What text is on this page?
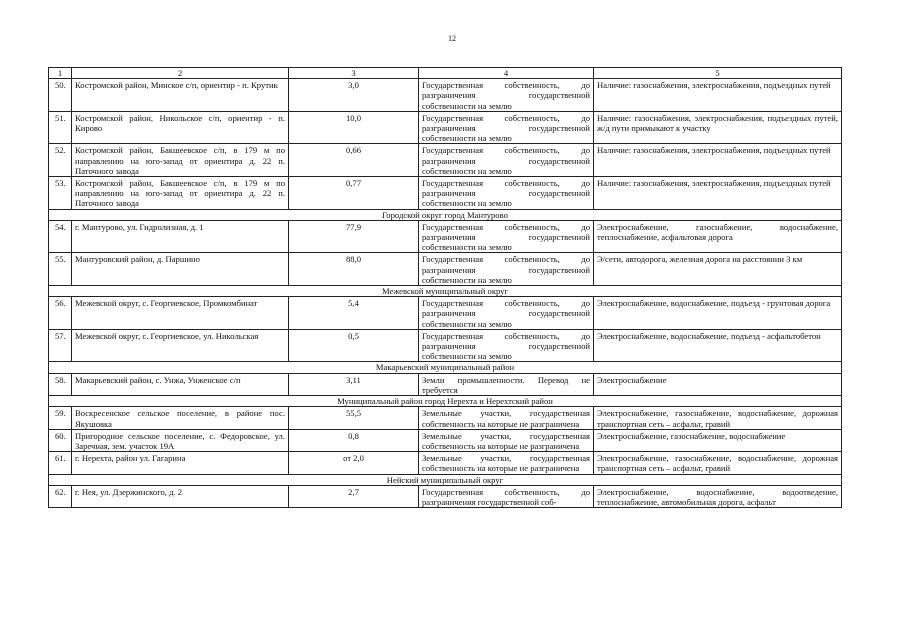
12
1	2	3	4	5
50.	Костромской район, Минское с/п, ориентир - п. Крутик	3,0	Государственная собственность, до разграничения государственной собственности на землю	Наличие: газоснабжения, электроснабжения, подъездных путей
51.	Костромской район, Никольское с/п, ориентир - п. Кирово	10,0	Государственная собственность, до разграничения государственной собственности на землю	Наличие: газоснабжения, электроснабжения, подъездных путей, ж/д пути примыкают к участку
52.	Костромской район, Бакшеевское с/п, в 179 м по направлению на юго-запад от ориентира д. 22 п. Паточного завода	0,66	Государственная собственность, до разграничения государственной собственности на землю	Наличие: газоснабжения, электроснабжения, подъездных путей
53.	Костромской район, Бакшеевское с/п, в 179 м по направлению на юго-запад от ориентира д. 22 п. Паточного завода	0,77	Государственная собственность, до разграничения государственной собственности на землю	Наличие: газоснабжения, электроснабжения, подъездных путей
Городской округ город Мантурово				
54.	г. Мантурово, ул. Гидролизная, д. 1	77,9	Государственная собственность, до разграничения государственной собственности на землю	Электроснабжение, газоснабжение, водоснабжение, теплоснабжение, асфальтовая дорога
55.	Мантуровский район, д. Паршино	88,0	Государственная собственность, до разграничения государственной собственности на землю	Э/сети, автодорога, железная дорога на расстоянии 3 км
Межевской муниципальный округ				
56.	Межевской округ, с. Георгиевское, Промкомбинат	5,4	Государственная собственность, до разграничения государственной собственности на землю	Электроснабжение, водоснабжение, подъезд - грунтовая дорога
57.	Межевской округ, с. Георгиевское, ул. Никольская	0,5	Государственная собственность, до разграничения государственной собственности на землю	Электроснабжение, водоснабжение, подъезд - асфальтобетон
Макарьевский муниципальный район				
58.	Макарьевский район, с. Унжа, Унженское с/п	3,11	Земли промышленности. Перевод не требуется	Электроснабжение
Муниципальный район город Нерехта и Нерехтский район				
59.	Воскресенское сельское поселение, в районе пос. Якушовка	55,5	Земельные участки, государственная собственность на которые не разграничена	Электроснабжение, газоснабжение, водоснабжение, дорожная транспортная сеть – асфальт, гравий
60.	Пригородное сельское поселение, с. Федоровское, ул. Заречная, зем. участок 19А	0,8	Земельные участки, государственная собственность на которые не разграничена	Электроснабжение, газоснабжение, водоснабжение
61.	г. Нерехта, район ул. Гагарина	от 2,0	Земельные участки, государственная собственность на которые не разграничена	Электроснабжение, газоснабжение, водоснабжение, дорожная транспортная сеть – асфальт, гравий
Нейский муниципальный округ				
62.	г. Нея, ул. Дзержинского, д. 2	2,7	Государственная собственность, до разграничения государственной соб-	Электроснабжение, водоснабжение, водоотведение, теплоснабжение, автомобильная дорога, асфальт
